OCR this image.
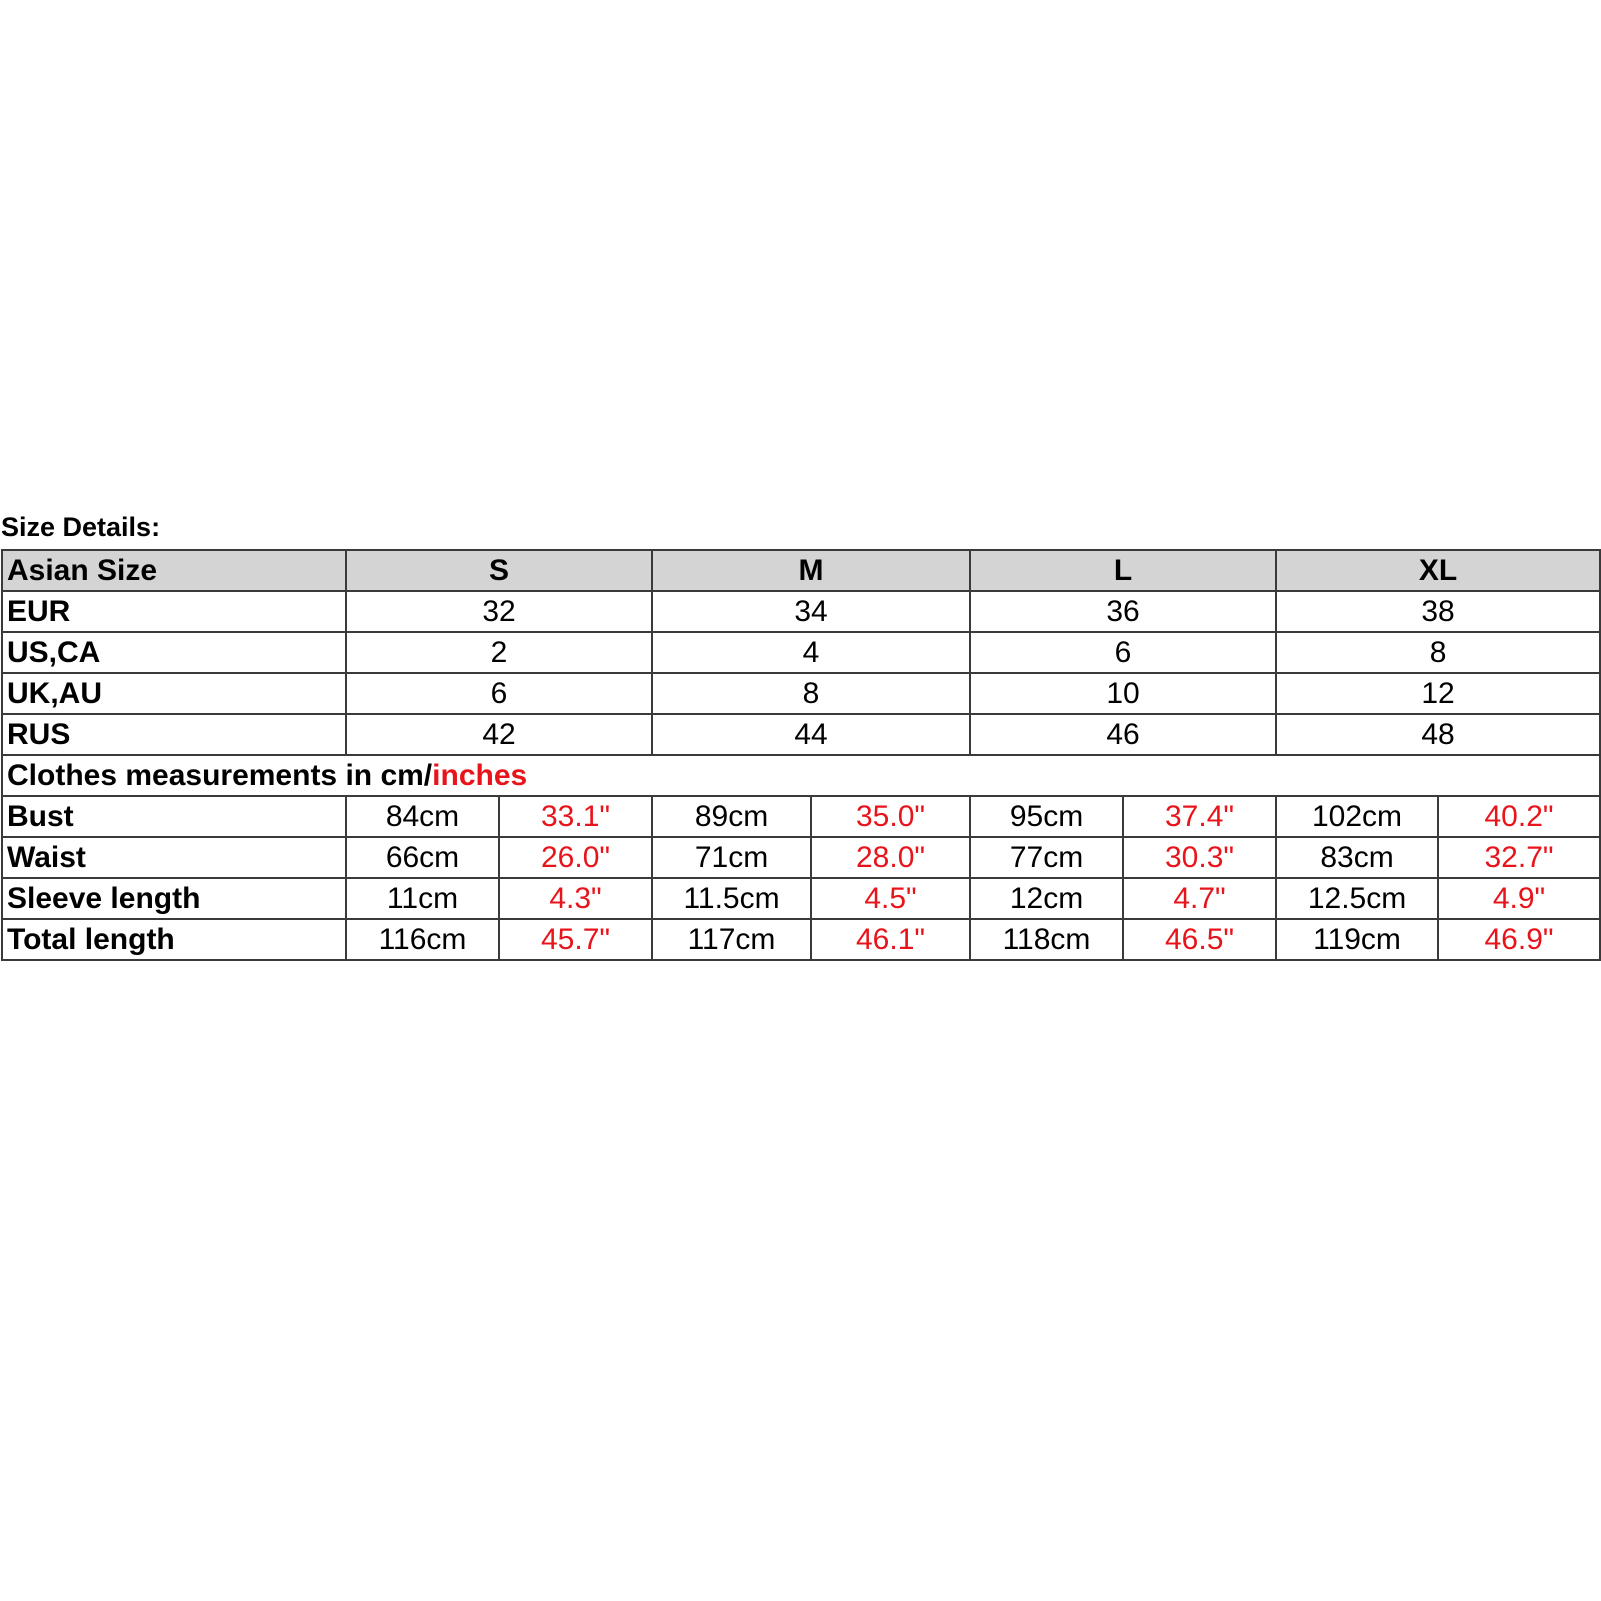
Size Details:
Asian Size	S		M		L		XL	
EUR	32		34		36		38	
US,CA	2		4		6		8	
UK,AU	6		8		10		12	
RUS	42		44		46		48	
Clothes measurements in cm/inches								
Bust	84cm	33.1"	89cm	35.0"	95cm	37.4"	102cm	40.2"
Waist	66cm	26.0"	71cm	28.0"	77cm	30.3"	83cm	32.7"
Sleeve length	11cm	4.3"	11.5cm	4.5"	12cm	4.7"	12.5cm	4.9"
Total length	116cm	45.7"	117cm	46.1"	118cm	46.5"	119cm	46.9"
